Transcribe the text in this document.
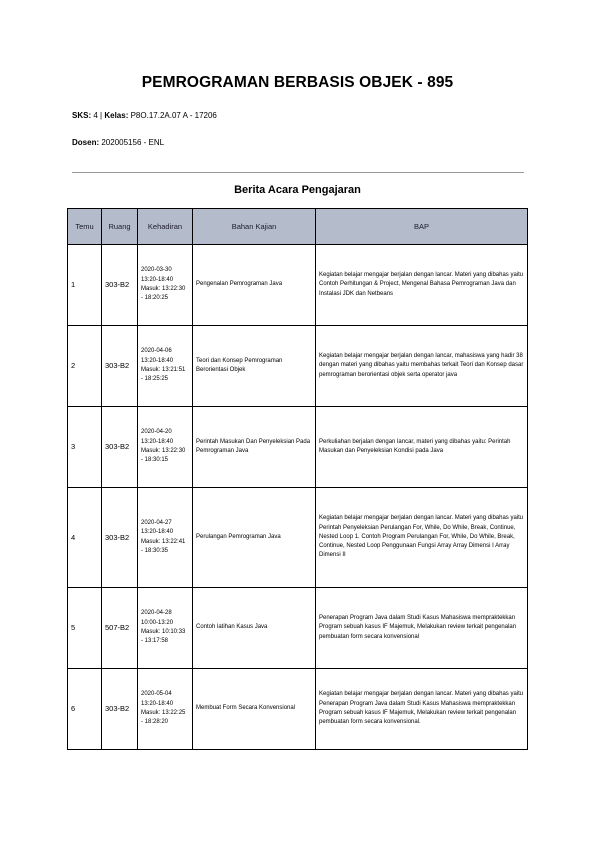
PEMROGRAMAN BERBASIS OBJEK - 895
SKS: 4 | Kelas: P8O.17.2A.07 A - 17206
Dosen: 202005156 - ENL
Berita Acara Pengajaran
Temu	Ruang	Kehadiran	Bahan Kajian	BAP
1	303-B2	2020-03-30 13:20-18:40 Masuk: 13:22:30 - 18:20:25	Pengenalan Pemrograman Java	Kegiatan belajar mengajar berjalan dengan lancar. Materi yang dibahas yaitu Contoh Perhitungan & Project, Mengenal Bahasa Pemrograman Java dan Instalasi JDK dan Netbeans
2	303-B2	2020-04-06 13:20-18:40 Masuk: 13:21:51 - 18:25:25	Teori dan Konsep Pemrograman Berorientasi Objek	Kegiatan belajar mengajar berjalan dengan lancar, mahasiswa yang hadir 38 dengan materi yang dibahas yaitu membahas terkait Teori dan Konsep dasar pemrograman berorientasi objek serta operator java
3	303-B2	2020-04-20 13:20-18:40 Masuk: 13:22:30 - 18:30:15	Perintah Masukan Dan Penyeleksian Pada Pemrograman Java	Perkuliahan berjalan dengan lancar, materi yang dibahas yaitu: Perintah Masukan dan Penyeleksian Kondisi pada Java
4	303-B2	2020-04-27 13:20-18:40 Masuk: 13:22:41 - 18:30:35	Perulangan Pemrograman Java	Kegiatan belajar mengajar berjalan dengan lancar. Materi yang dibahas yaitu Perintah Penyeleksian Perulangan For, While, Do While, Break, Continue, Nested Loop 1. Contoh Program Perulangan For, While, Do While, Break, Continue, Nested Loop Penggunaan Fungsi Array Array Dimensi I Array Dimensi II
5	507-B2	2020-04-28 10:00-13:20 Masuk: 10:10:33 - 13:17:58	Contoh latihan Kasus Java	Penerapan Program Java dalam Studi Kasus Mahasiswa mempraktekkan Program sebuah kasus IF Majemuk, Melakukan review terkait pengenalan pembuatan form secara konvensional
6	303-B2	2020-05-04 13:20-18:40 Masuk: 13:22:25 - 18:28:20	Membuat Form Secara Konvensional	Kegiatan belajar mengajar berjalan dengan lancar. Materi yang dibahas yaitu Penerapan Program Java dalam Studi Kasus Mahasiswa mempraktekkan Program sebuah kasus IF Majemuk, Melakukan review terkait pengenalan pembuatan form secara konvensional.
